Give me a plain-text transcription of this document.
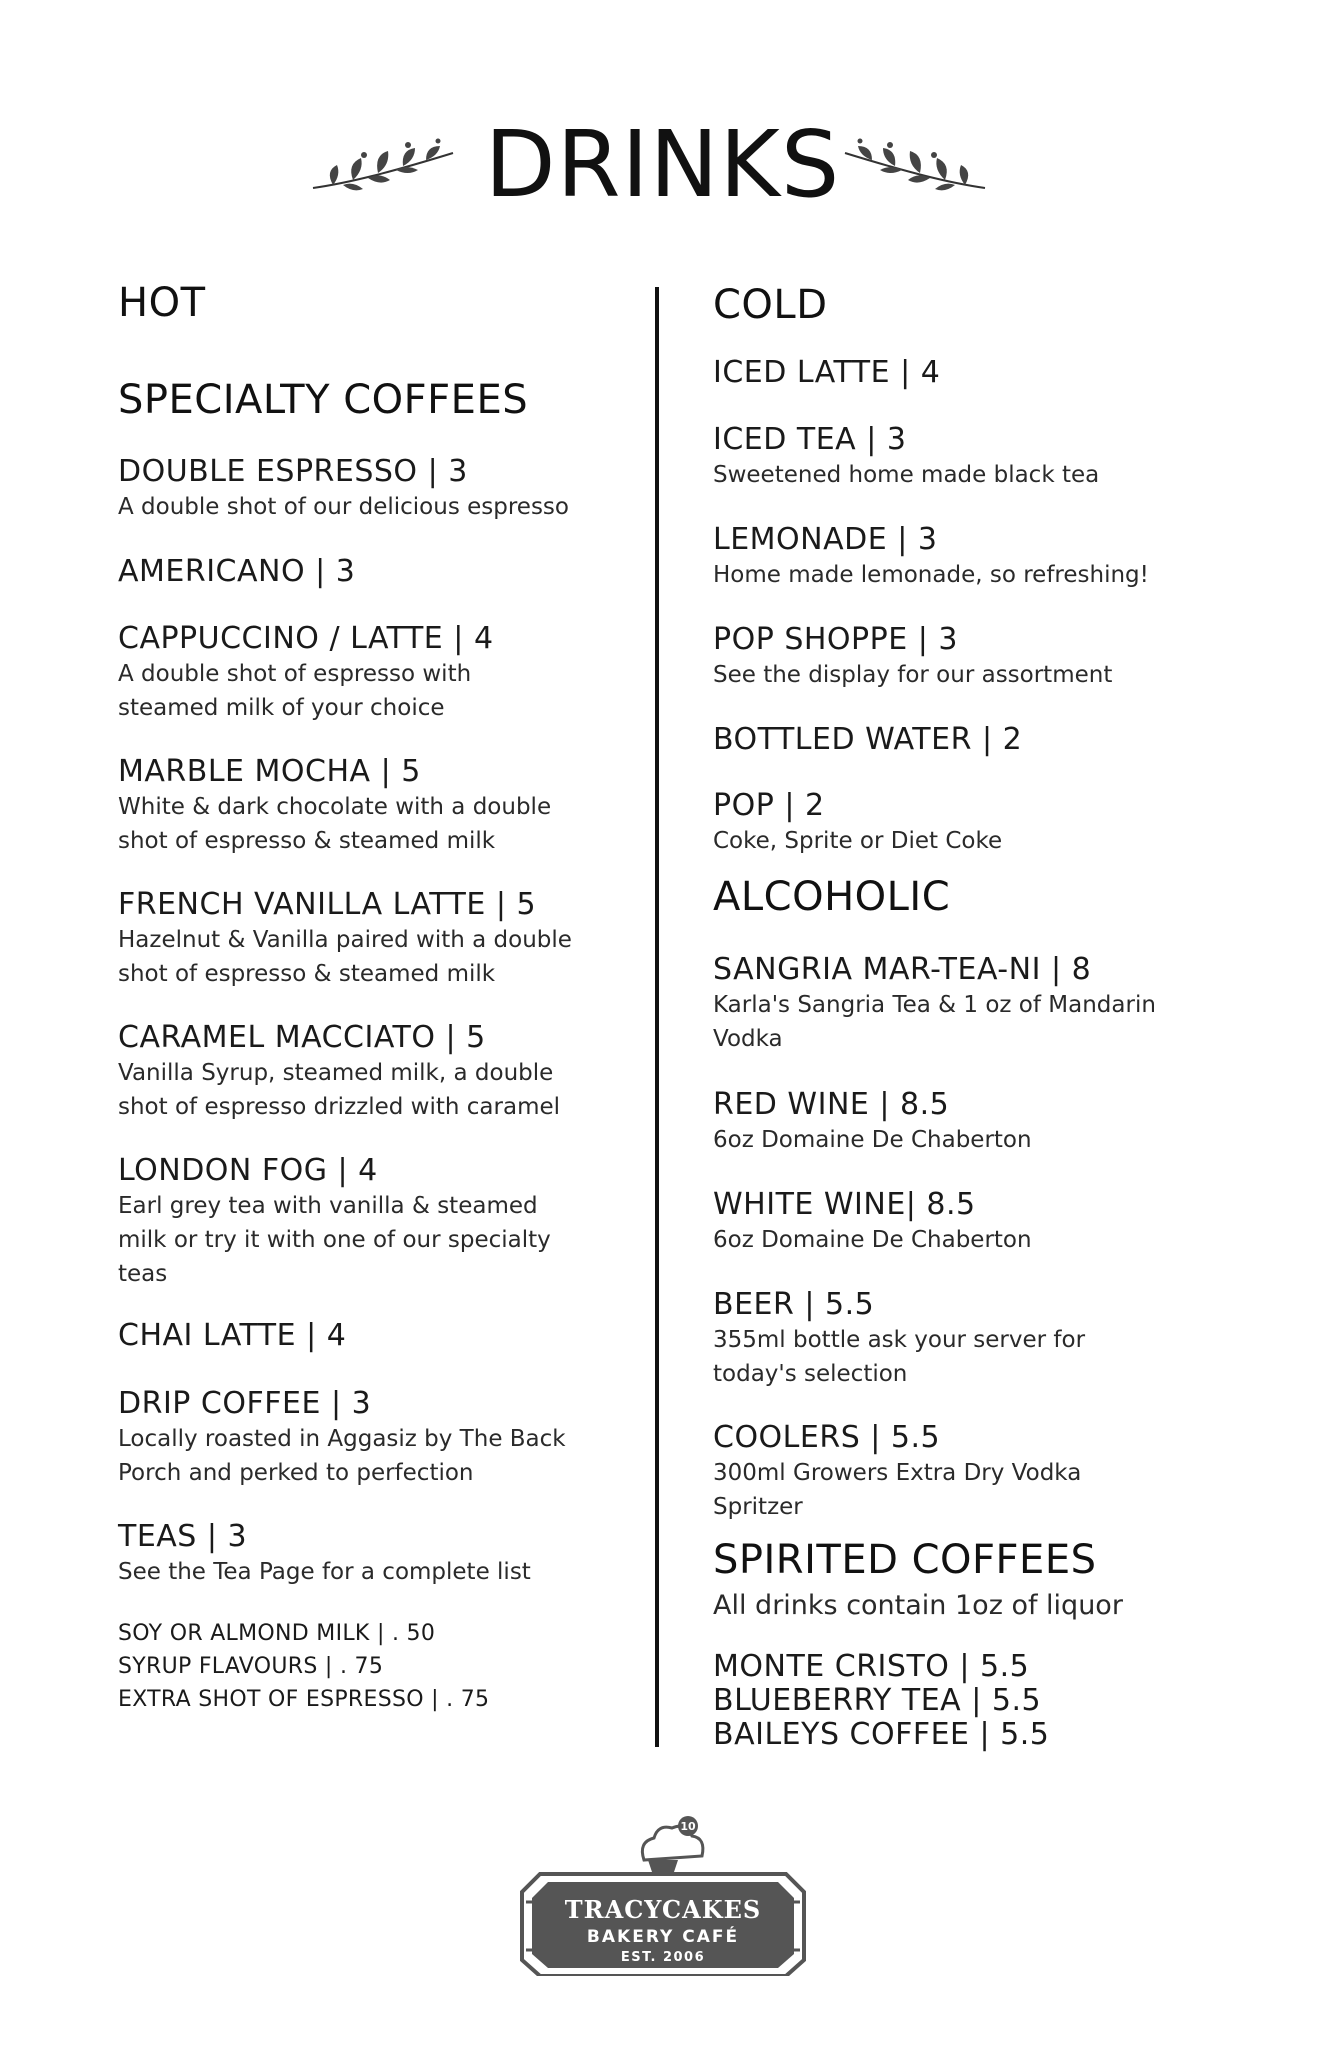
DRINKS
HOT
SPECIALTY COFFEES
DOUBLE ESPRESSO | 3
A double shot of our delicious espresso
AMERICANO | 3
CAPPUCCINO / LATTE | 4
A double shot of espresso with
steamed milk of your choice
MARBLE MOCHA | 5
White & dark chocolate with a double
shot of espresso & steamed milk
FRENCH VANILLA LATTE | 5
Hazelnut & Vanilla paired with a double
shot of espresso & steamed milk
CARAMEL MACCIATO | 5
Vanilla Syrup, steamed milk, a double
shot of espresso drizzled with caramel
LONDON FOG | 4
Earl grey tea with vanilla & steamed
milk or try it with one of our specialty
teas
CHAI LATTE | 4
DRIP COFFEE | 3
Locally roasted in Aggasiz by The Back
Porch and perked to perfection
TEAS | 3
See the Tea Page for a complete list
SOY OR ALMOND MILK | . 50
SYRUP FLAVOURS | . 75
EXTRA SHOT OF ESPRESSO | . 75
COLD
ICED LATTE | 4
ICED TEA | 3
Sweetened home made black tea
LEMONADE | 3
Home made lemonade, so refreshing!
POP SHOPPE | 3
See the display for our assortment
BOTTLED WATER | 2
POP | 2
Coke, Sprite or Diet Coke
ALCOHOLIC
SANGRIA MAR-TEA-NI | 8
Karla's Sangria Tea & 1 oz of Mandarin
Vodka
RED WINE | 8.5
6oz Domaine De Chaberton
WHITE WINE| 8.5
6oz Domaine De Chaberton
BEER | 5.5
355ml bottle ask your server for
today's selection
COOLERS | 5.5
300ml Growers Extra Dry Vodka
Spritzer
SPIRITED COFFEES
All drinks contain 1oz of liquor
MONTE CRISTO | 5.5
BLUEBERRY TEA | 5.5
BAILEYS COFFEE | 5.5
10
TRACYCAKES
BAKERY CAFÉ
EST. 2006
